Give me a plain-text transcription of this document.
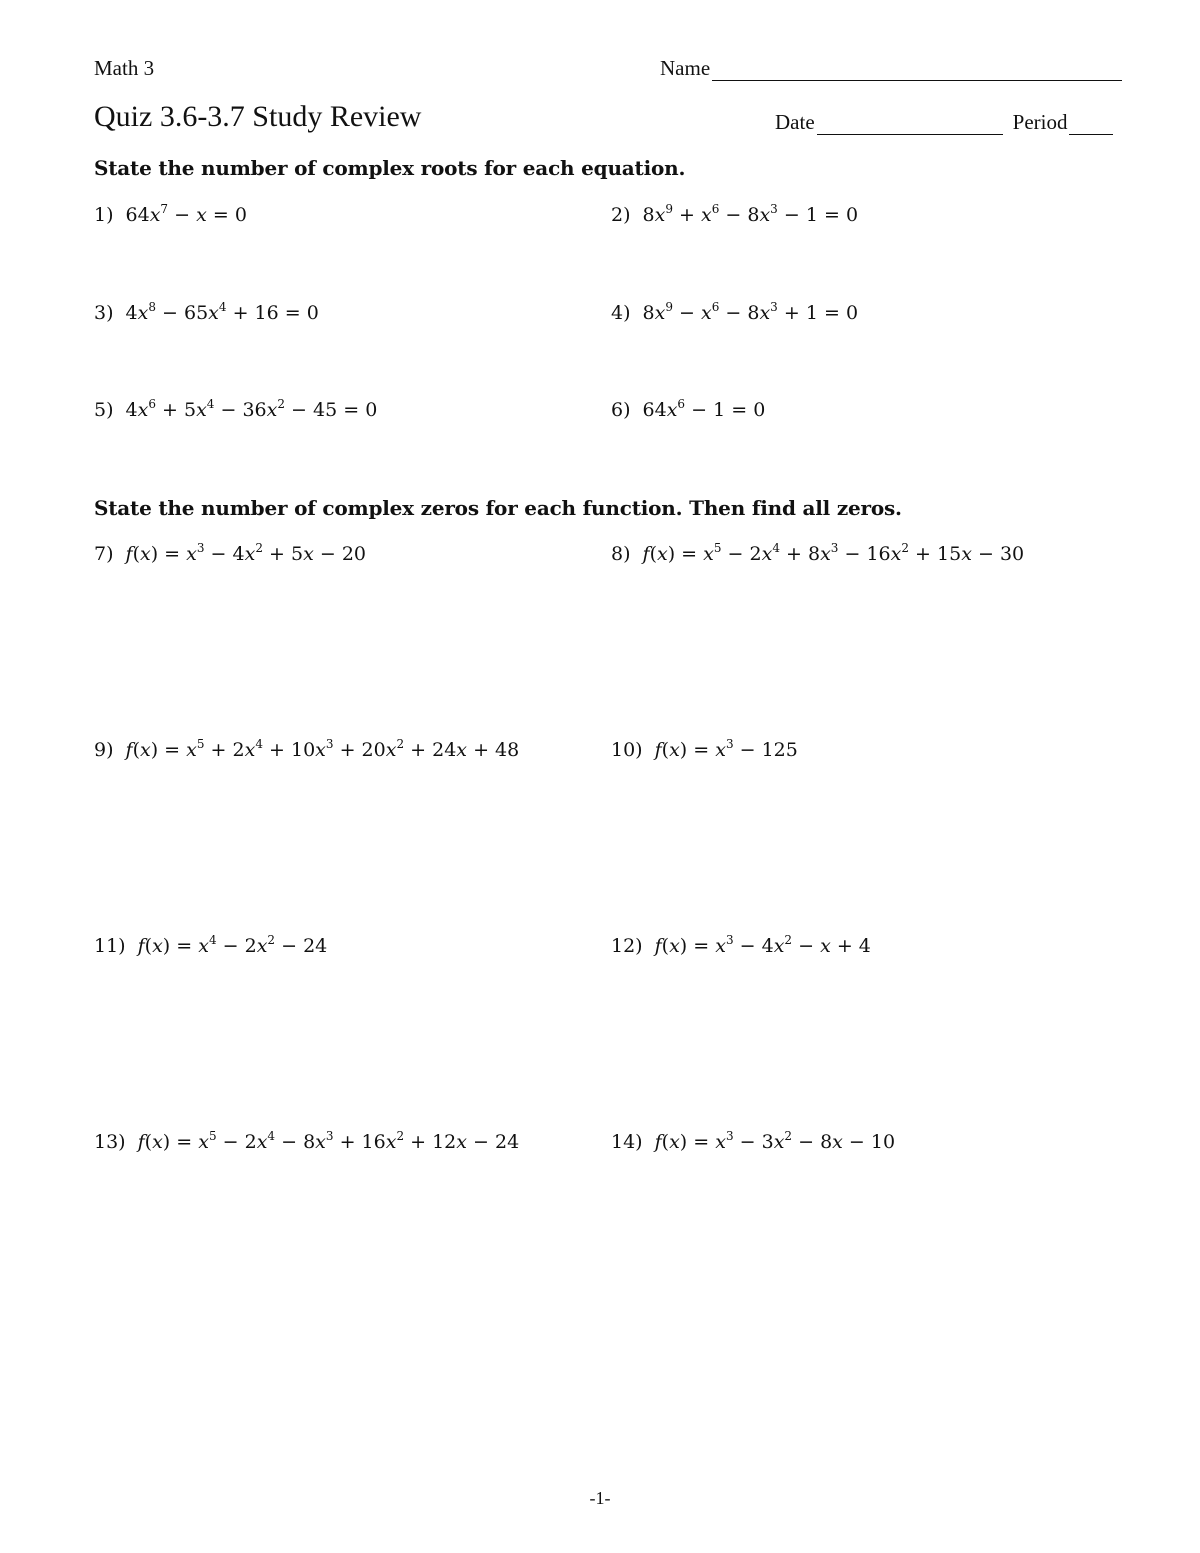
Math 3	Name
Quiz 3.6-3.7 Study Review	Date	Period
State the number of complex roots for each equation.
State the number of complex zeros for each function. Then find all zeros.
1) $64x^7 - x = 0$	2) $8x^9 + x^6 - 8x^3 - 1 = 0$
3) $4x^8 - 65x^4 + 16 = 0$	4) $8x^9 - x^6 - 8x^3 + 1 = 0$
5) $4x^6 + 5x^4 - 36x^2 - 45 = 0$	6) $64x^6 - 1 = 0$
7) $f(x) = x^3 - 4x^2 + 5x - 20$	8) $f(x) = x^5 - 2x^4 + 8x^3 - 16x^2 + 15x - 30$
9) $f(x) = x^5 + 2x^4 + 10x^3 + 20x^2 + 24x + 48$	10) $f(x) = x^3 - 125$
11) $f(x) = x^4 - 2x^2 - 24$	12) $f(x) = x^3 - 4x^2 - x + 4$
13) $f(x) = x^5 - 2x^4 - 8x^3 + 16x^2 + 12x - 24$	14) $f(x) = x^3 - 3x^2 - 8x - 10$
-1-
